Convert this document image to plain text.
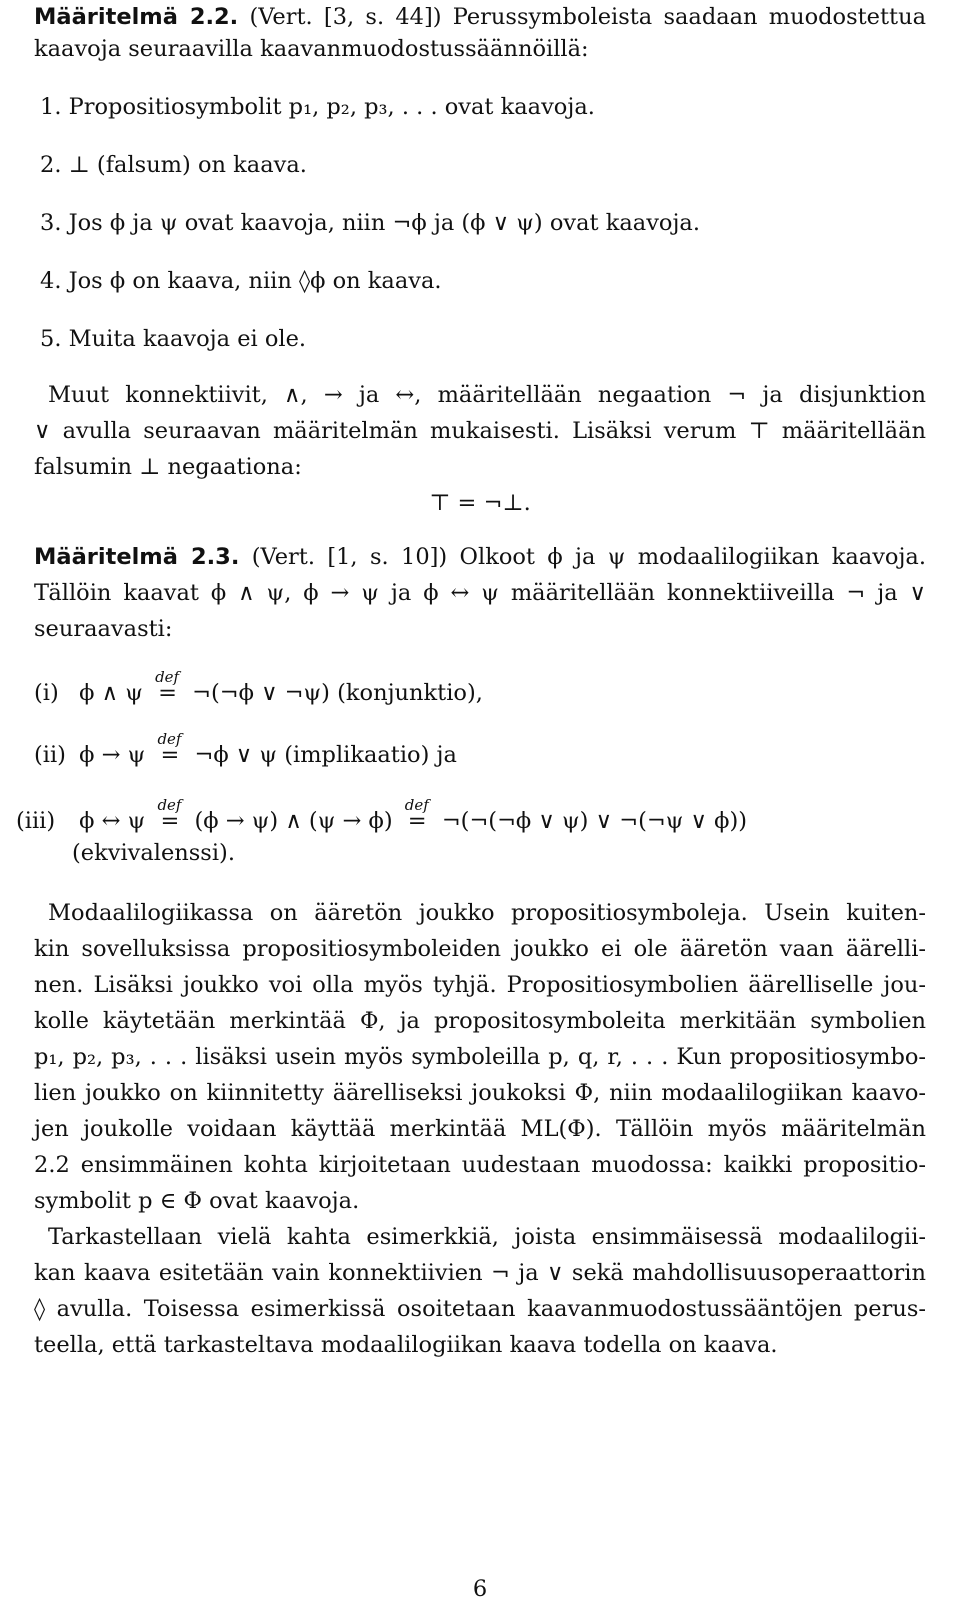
Määritelmä 2.2. (Vert. [3, s. 44]) Perussymboleista saadaan muodostettua
kaavoja seuraavilla kaavanmuodostussäännöillä:
1. Propositiosymbolit p₁, p₂, p₃, . . . ovat kaavoja.
2. ⊥ (falsum) on kaava.
3. Jos ϕ ja ψ ovat kaavoja, niin ¬ϕ ja (ϕ ∨ ψ) ovat kaavoja.
4. Jos ϕ on kaava, niin ◊ϕ on kaava.
5. Muita kaavoja ei ole.
Muut konnektiivit, ∧, → ja ↔, määritellään negaation ¬ ja disjunktion
∨ avulla seuraavan määritelmän mukaisesti. Lisäksi verum ⊤ määritellään
falsumin ⊥ negaationa:
⊤ = ¬⊥.
Määritelmä 2.3. (Vert. [1, s. 10]) Olkoot ϕ ja ψ modaalilogiikan kaavoja.
Tällöin kaavat ϕ ∧ ψ, ϕ → ψ ja ϕ ↔ ψ määritellään konnektiiveilla ¬ ja ∨
seuraavasti:
(i) ϕ ∧ ψ
def
= ¬(¬ϕ ∨ ¬ψ) (konjunktio),
(ii) ϕ → ψ
def
= ¬ϕ ∨ ψ (implikaatio) ja
(iii) ϕ ↔ ψ
def
= (ϕ → ψ) ∧ (ψ → ϕ)
def
= ¬(¬(¬ϕ ∨ ψ) ∨ ¬(¬ψ ∨ ϕ))
(ekvivalenssi).
Modaalilogiikassa on ääretön joukko propositiosymboleja. Usein kuiten-
kin sovelluksissa propositiosymboleiden joukko ei ole ääretön vaan äärelli-
nen. Lisäksi joukko voi olla myös tyhjä. Propositiosymbolien äärelliselle jou-
kolle käytetään merkintää Φ, ja propositosymboleita merkitään symbolien
p₁, p₂, p₃, . . . lisäksi usein myös symboleilla p, q, r, . . . Kun propositiosymbo-
lien joukko on kiinnitetty äärelliseksi joukoksi Φ, niin modaalilogiikan kaavo-
jen joukolle voidaan käyttää merkintää ML(Φ). Tällöin myös määritelmän
2.2 ensimmäinen kohta kirjoitetaan uudestaan muodossa: kaikki propositio-
symbolit p ∈ Φ ovat kaavoja.
Tarkastellaan vielä kahta esimerkkiä, joista ensimmäisessä modaalilogii-
kan kaava esitetään vain konnektiivien ¬ ja ∨ sekä mahdollisuusoperaattorin
◊ avulla. Toisessa esimerkissä osoitetaan kaavanmuodostussääntöjen perus-
teella, että tarkasteltava modaalilogiikan kaava todella on kaava.
6
